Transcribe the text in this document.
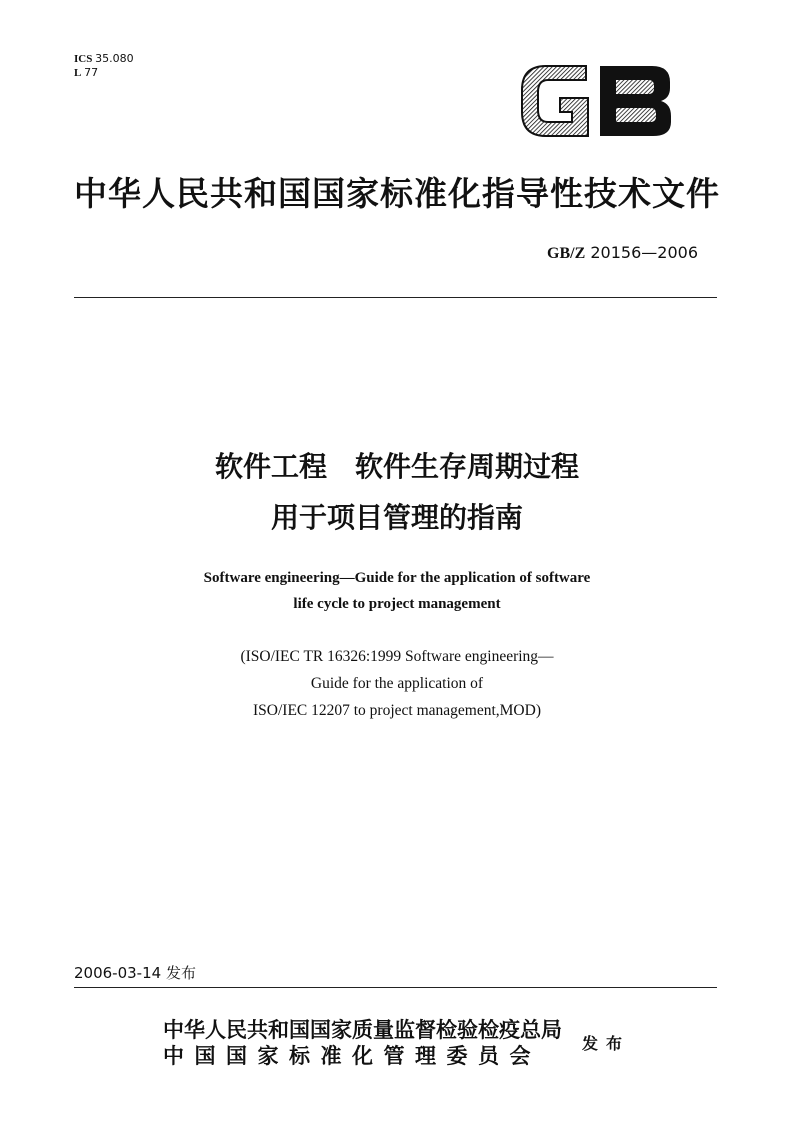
ICS 35.080
L 77
中华人民共和国国家标准化指导性技术文件
GB/Z 20156—2006
软件工程　软件生存周期过程
用于项目管理的指南
Software engineering—Guide for the application of software
life cycle to project management
(ISO/IEC TR 16326:1999 Software engineering—
Guide for the application of
ISO/IEC 12207 to project management,MOD)
2006-03-14 发布
中华人民共和国国家质量监督检验检疫总局
中国国家标准化管理委员会
发布
